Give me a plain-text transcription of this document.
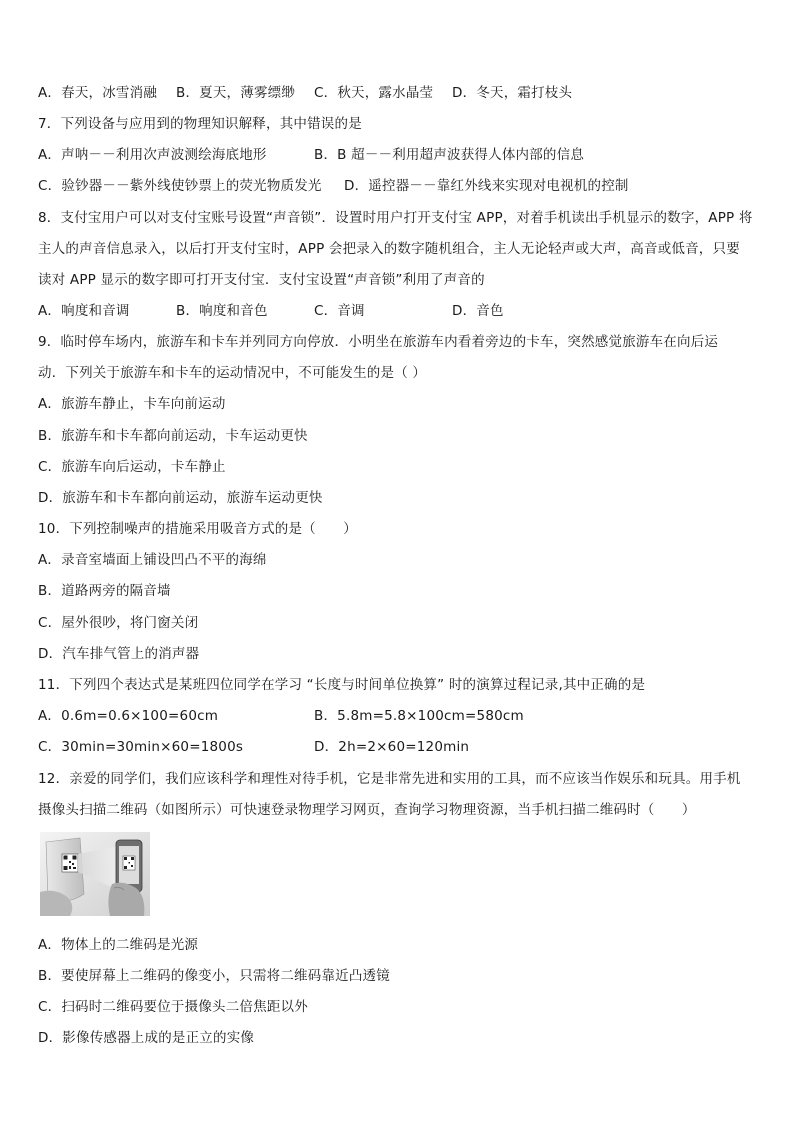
A．春天，冰雪消融 B．夏天，薄雾缥缈 C．秋天，露水晶莹 D．冬天，霜打枝头
7．下列设备与应用到的物理知识解释，其中错误的是
A．声呐－－利用次声波测绘海底地形	B．B 超－－利用超声波获得人体内部的信息
C．验钞器－－紫外线使钞票上的荧光物质发光 D．遥控器－－靠红外线来实现对电视机的控制
8．支付宝用户可以对支付宝账号设置“声音锁”．设置时用户打开支付宝 APP，对着手机读出手机显示的数字，APP 将
主人的声音信息录入，以后打开支付宝时，APP 会把录入的数字随机组合，主人无论轻声或大声，高音或低音，只要
读对 APP 显示的数字即可打开支付宝．支付宝设置“声音锁”利用了声音的
A．响度和音调	B．响度和音色	C．音调	D．音色
9．临时停车场内，旅游车和卡车并列同方向停放．小明坐在旅游车内看着旁边的卡车，突然感觉旅游车在向后运
动．下列关于旅游车和卡车的运动情况中，不可能发生的是（ ）
A．旅游车静止，卡车向前运动
B．旅游车和卡车都向前运动，卡车运动更快
C．旅游车向后运动，卡车静止
D．旅游车和卡车都向前运动，旅游车运动更快
10．下列控制噪声的措施采用吸音方式的是（　　）
A．录音室墙面上铺设凹凸不平的海绵
B．道路两旁的隔音墙
C．屋外很吵，将门窗关闭
D．汽车排气管上的消声器
11．下列四个表达式是某班四位同学在学习 “长度与时间单位换算” 时的演算过程记录,其中正确的是
A．0.6m=0.6×100=60cm	B．5.8m=5.8×100cm=580cm
C．30min=30min×60=1800s	D．2h=2×60=120min
12．亲爱的同学们，我们应该科学和理性对待手机，它是非常先进和实用的工具，而不应该当作娱乐和玩具。用手机
摄像头扫描二维码（如图所示）可快速登录物理学习网页，查询学习物理资源，当手机扫描二维码时（　　）
A．物体上的二维码是光源
B．要使屏幕上二维码的像变小，只需将二维码靠近凸透镜
C．扫码时二维码要位于摄像头二倍焦距以外
D．影像传感器上成的是正立的实像
